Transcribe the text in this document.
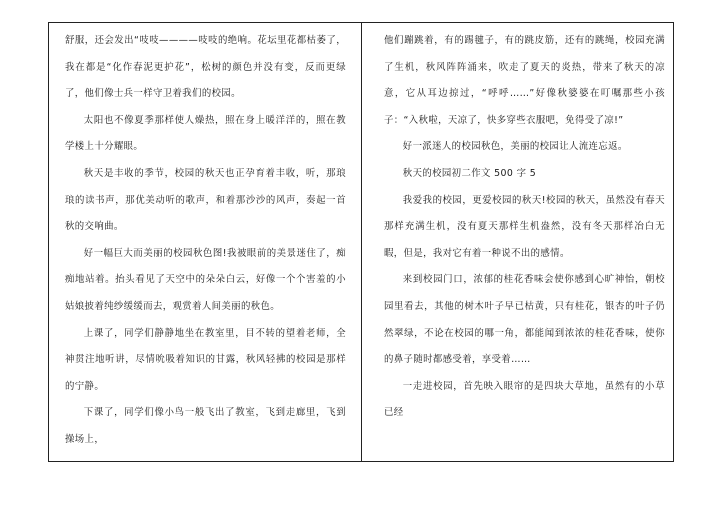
舒服，还会发出“吱吱————吱吱的绝响。花坛里花都枯萎了，我在都是“化作春泥更护花”，松树的颜色并没有变，反而更绿了，他们像士兵一样守卫着我们的校园。

太阳也不像夏季那样使人燥热，照在身上暖洋洋的，照在教学楼上十分耀眼。

秋天是丰收的季节，校园的秋天也正孕育着丰收，听，那琅琅的读书声，那优美动听的歌声，和着那沙沙的风声，奏起一首秋的交响曲。

好一幅巨大而美丽的校园秋色图!我被眼前的美景迷住了，痴痴地站着。抬头看见了天空中的朵朵白云，好像一个个害羞的小姑娘披着纯纱缓缓而去，观赏着人间美丽的秋色。

上课了，同学们静静地坐在教室里，目不转的望着老师，全神贯注地听讲，尽情吮吸着知识的甘露，秋风轻拂的校园是那样的宁静。

下课了，同学们像小鸟一般飞出了教室，飞到走廊里，飞到操场上，

他们蹦跳着，有的踢毽子，有的跳皮筋，还有的跳绳，校园充满了生机，秋风阵阵涌来，吹走了夏天的炎热，带来了秋天的凉意，它从耳边掠过，“呼呼……”好像秋婆婆在叮嘱那些小孩子：“入秋啦，天凉了，快多穿些衣服吧，免得受了凉!”

好一派迷人的校园秋色，美丽的校园让人流连忘返。

秋天的校园初二作文 500 字 5

我爱我的校园，更爱校园的秋天!校园的秋天，虽然没有春天那样充满生机，没有夏天那样生机盎然，没有冬天那样冶白无暇，但是，我对它有着一种说不出的感情。

来到校园门口，浓郁的桂花香味会使你感到心旷神怡，朝校园里看去，其他的树木叶子早已枯黄，只有桂花，银杏的叶子仍然翠绿，不论在校园的哪一角，都能闻到浓浓的桂花香味，使你的鼻子随时都感受着，享受着……

一走进校园，首先映入眼帘的是四块大草地，虽然有的小草已经
